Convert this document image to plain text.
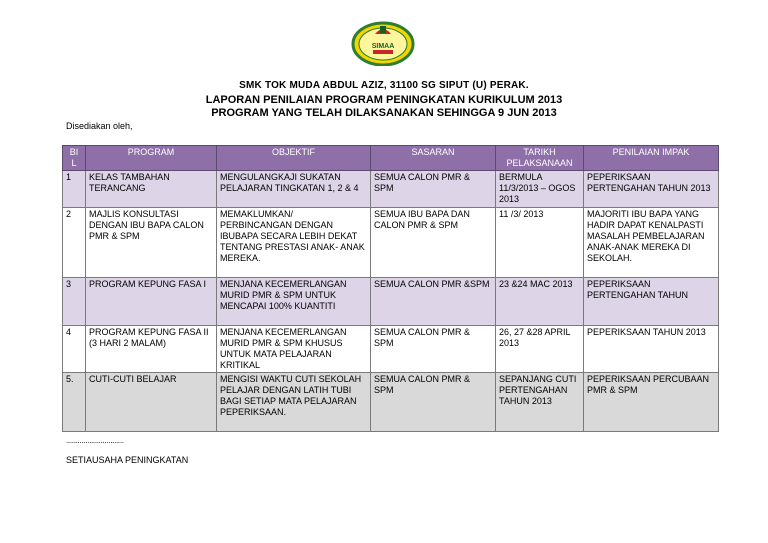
SIMAA
SMK TOK MUDA ABDUL AZIZ, 31100 SG SIPUT (U) PERAK.
LAPORAN PENILAIAN PROGRAM PENINGKATAN KURIKULUM 2013
PROGRAM YANG TELAH DILAKSANAKAN SEHINGGA 9 JUN 2013
Disediakan oleh,
BI
L	PROGRAM	OBJEKTIF	SASARAN	TARIKH PELAKSANAAN	PENILAIAN IMPAK
1	KELAS TAMBAHAN TERANCANG	MENGULANGKAJI SUKATAN PELAJARAN TINGKATAN 1, 2 & 4	SEMUA CALON PMR & SPM	BERMULA 11/3/2013 – OGOS 2013	PEPERIKSAAN PERTENGAHAN TAHUN 2013
2	MAJLIS KONSULTASI DENGAN IBU BAPA CALON PMR & SPM	MEMAKLUMKAN/ PERBINCANGAN DENGAN IBUBAPA SECARA LEBIH DEKAT TENTANG PRESTASI ANAK- ANAK MEREKA.	SEMUA IBU BAPA DAN CALON PMR & SPM	11 /3/ 2013	MAJORITI IBU BAPA YANG HADIR DAPAT KENALPASTI MASALAH PEMBELAJARAN ANAK-ANAK MEREKA DI SEKOLAH.
3	PROGRAM KEPUNG FASA I	MENJANA KECEMERLANGAN MURID PMR & SPM UNTUK MENCAPAI 100% KUANTITI	SEMUA CALON PMR &SPM	23 &24 MAC 2013	PEPERIKSAAN PERTENGAHAN TAHUN
4	PROGRAM KEPUNG FASA II
(3 HARI 2 MALAM)	MENJANA KECEMERLANGAN MURID PMR & SPM KHUSUS UNTUK MATA PELAJARAN KRITIKAL	SEMUA CALON PMR & SPM	26, 27 &28 APRIL 2013	PEPERIKSAAN TAHUN 2013
5.	CUTI-CUTI BELAJAR	MENGISI WAKTU CUTI SEKOLAH PELAJAR DENGAN LATIH TUBI BAGI SETIAP MATA PELAJARAN PEPERIKSAAN.	SEMUA CALON PMR & SPM	SEPANJANG CUTI PERTENGAHAN TAHUN 2013	PEPERIKSAAN PERCUBAAN PMR & SPM
..............................
SETIAUSAHA PENINGKATAN
